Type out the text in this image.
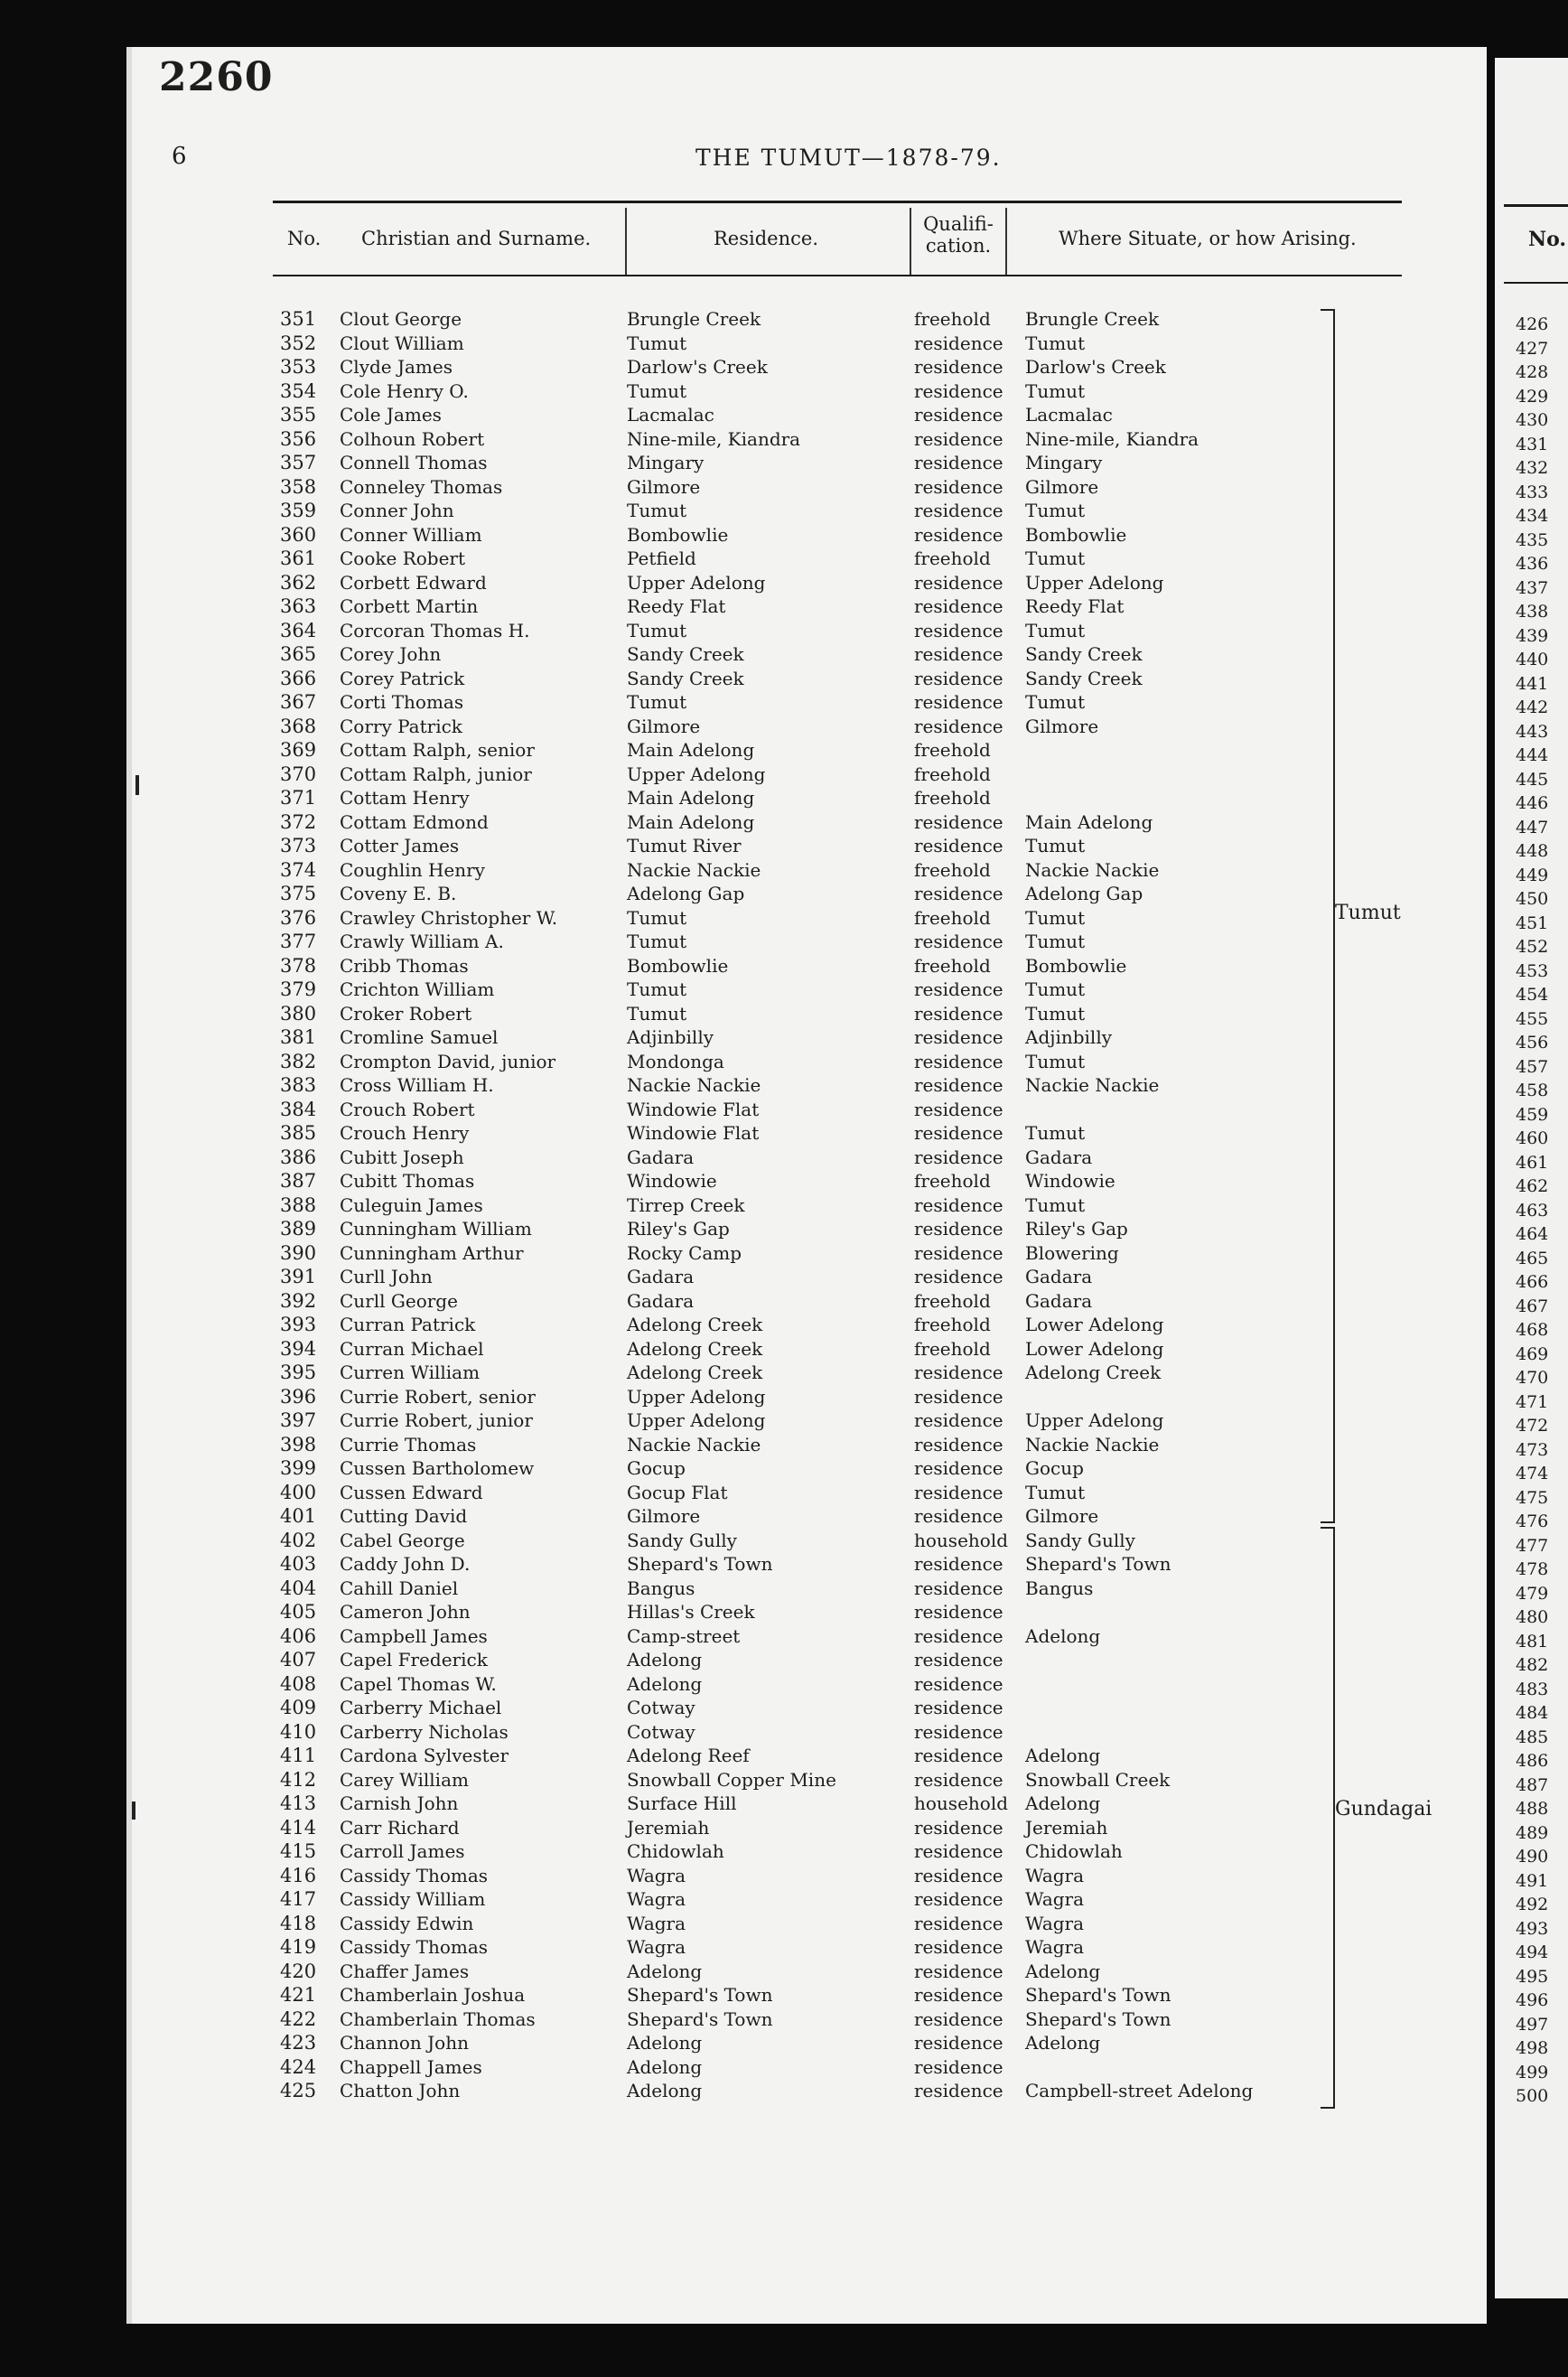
2260
6	THE TUMUT—1878-79.
No. Christian and Surname.	Residence.
Qualifi-
cation.	Where Situate, or how Arising.	No.
351 Clout George	Brungle Creek	freehold Brungle Creek
352 Clout William	Tumut	residence Tumut
353 Clyde James	Darlow's Creek	residence Darlow's Creek
354 Cole Henry O.	Tumut	residence Tumut
355 Cole James	Lacmalac	residence Lacmalac
356 Colhoun Robert	Nine-mile, Kiandra	residence Nine-mile, Kiandra
357 Connell Thomas	Mingary	residence Mingary
358 Conneley Thomas	Gilmore	residence Gilmore
359 Conner John	Tumut	residence Tumut
360 Conner William	Bombowlie	residence Bombowlie
361 Cooke Robert	Petfield	freehold Tumut
362 Corbett Edward	Upper Adelong	residence Upper Adelong
363 Corbett Martin	Reedy Flat	residence Reedy Flat
364 Corcoran Thomas H.	Tumut	residence Tumut
365 Corey John	Sandy Creek	residence Sandy Creek
366 Corey Patrick	Sandy Creek	residence Sandy Creek
367 Corti Thomas	Tumut	residence Tumut
368 Corry Patrick	Gilmore	residence Gilmore
369 Cottam Ralph, senior	Main Adelong	freehold
370 Cottam Ralph, junior	Upper Adelong	freehold
371 Cottam Henry	Main Adelong	freehold
372 Cottam Edmond	Main Adelong	residence Main Adelong
373 Cotter James	Tumut River	residence Tumut
374 Coughlin Henry	Nackie Nackie	freehold Nackie Nackie
375 Coveny E. B.	Adelong Gap	residence Adelong Gap
376 Crawley Christopher W.	Tumut	freehold Tumut
377 Crawly William A.	Tumut	residence Tumut
378 Cribb Thomas	Bombowlie	freehold Bombowlie
379 Crichton William	Tumut	residence Tumut
380 Croker Robert	Tumut	residence Tumut
381 Cromline Samuel	Adjinbilly	residence Adjinbilly
382 Crompton David, junior	Mondonga	residence Tumut
383 Cross William H.	Nackie Nackie	residence Nackie Nackie
384 Crouch Robert	Windowie Flat	residence
385 Crouch Henry	Windowie Flat	residence Tumut
386 Cubitt Joseph	Gadara	residence Gadara
387 Cubitt Thomas	Windowie	freehold Windowie
388 Culeguin James	Tirrep Creek	residence Tumut
389 Cunningham William	Riley's Gap	residence Riley's Gap
390 Cunningham Arthur	Rocky Camp	residence Blowering
391 Curll John	Gadara	residence Gadara
392 Curll George	Gadara	freehold Gadara
393 Curran Patrick	Adelong Creek	freehold Lower Adelong
394 Curran Michael	Adelong Creek	freehold Lower Adelong
395 Curren William	Adelong Creek	residence Adelong Creek
396 Currie Robert, senior	Upper Adelong	residence
397 Currie Robert, junior	Upper Adelong	residence Upper Adelong
398 Currie Thomas	Nackie Nackie	residence Nackie Nackie
399 Cussen Bartholomew	Gocup	residence Gocup
400 Cussen Edward	Gocup Flat	residence Tumut
401 Cutting David	Gilmore	residence Gilmore
402 Cabel George	Sandy Gully	household Sandy Gully
403 Caddy John D.	Shepard's Town	residence Shepard's Town
404 Cahill Daniel	Bangus	residence Bangus
405 Cameron John	Hillas's Creek	residence
406 Campbell James	Camp-street	residence Adelong
407 Capel Frederick	Adelong	residence
408 Capel Thomas W.	Adelong	residence
409 Carberry Michael	Cotway	residence
410 Carberry Nicholas	Cotway	residence
411 Cardona Sylvester	Adelong Reef	residence Adelong
412 Carey William	Snowball Copper Mine	residence Snowball Creek
413 Carnish John	Surface Hill	household Adelong
414 Carr Richard	Jeremiah	residence Jeremiah
415 Carroll James	Chidowlah	residence Chidowlah
416 Cassidy Thomas	Wagra	residence Wagra
417 Cassidy William	Wagra	residence Wagra
418 Cassidy Edwin	Wagra	residence Wagra
419 Cassidy Thomas	Wagra	residence Wagra
420 Chaffer James	Adelong	residence Adelong
421 Chamberlain Joshua	Shepard's Town	residence Shepard's Town
422 Chamberlain Thomas	Shepard's Town	residence Shepard's Town
423 Channon John	Adelong	residence Adelong
424 Chappell James	Adelong	residence
425 Chatton John	Adelong	residence Campbell-street Adelong
426
427
428
429
430
431
432
433
434
435
436
437
438
439
440
441
442
443
444
445
446
447
448
449
450
451
452
453
454
455
456
457
458
459
460
461
462
463
464
465
466
467
468
469
470
471
472
473
474
475
476
477
478
479
480
481
482
483
484
485
486
487
488
489
490
491
492
493
494
495
496
497
498
499
500
Tumut
Gundagai
